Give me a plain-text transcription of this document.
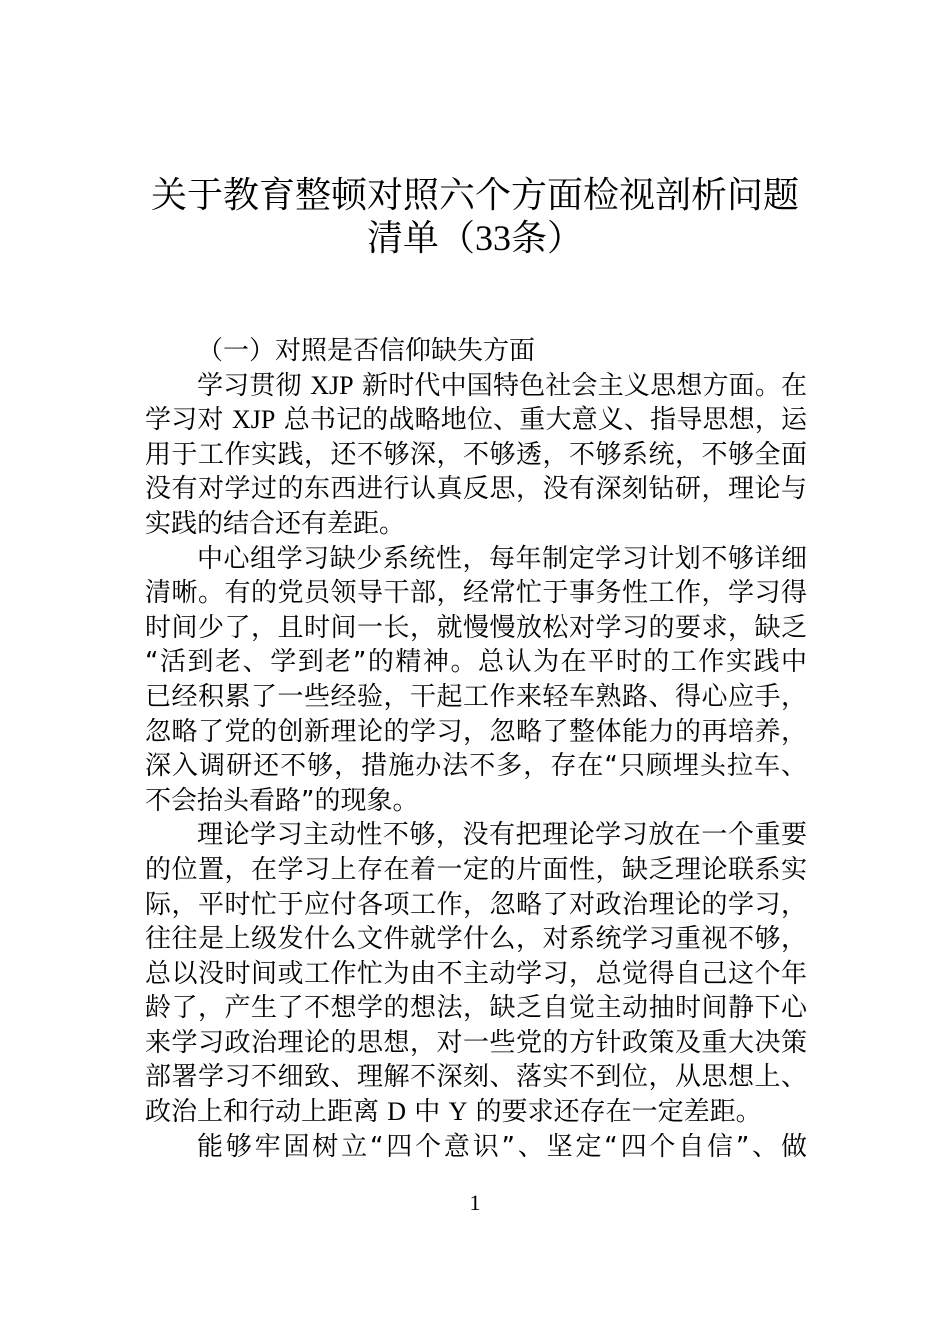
关于教育整顿对照六个方面检视剖析问题
清单（33条）
（一）对照是否信仰缺失方面
学习贯彻 XJP 新时代中国特色社会主义思想方面。在
学习对 XJP 总书记的战略地位、重大意义、指导思想，运
用于工作实践，还不够深，不够透，不够系统，不够全面
没有对学过的东西进行认真反思，没有深刻钻研，理论与
实践的结合还有差距。
中心组学习缺少系统性，每年制定学习计划不够详细
清晰。有的党员领导干部，经常忙于事务性工作，学习得
时间少了，且时间一长，就慢慢放松对学习的要求，缺乏
“活到老、学到老”的精神。总认为在平时的工作实践中
已经积累了一些经验，干起工作来轻车熟路、得心应手，
忽略了党的创新理论的学习，忽略了整体能力的再培养，
深入调研还不够，措施办法不多，存在“只顾埋头拉车、
不会抬头看路”的现象。
理论学习主动性不够，没有把理论学习放在一个重要
的位置，在学习上存在着一定的片面性，缺乏理论联系实
际，平时忙于应付各项工作，忽略了对政治理论的学习，
往往是上级发什么文件就学什么，对系统学习重视不够，
总以没时间或工作忙为由不主动学习，总觉得自己这个年
龄了，产生了不想学的想法，缺乏自觉主动抽时间静下心
来学习政治理论的思想，对一些党的方针政策及重大决策
部署学习不细致、理解不深刻、落实不到位，从思想上、
政治上和行动上距离 D 中 Y 的要求还存在一定差距。
能够牢固树立“四个意识”、坚定“四个自信”、做
1
